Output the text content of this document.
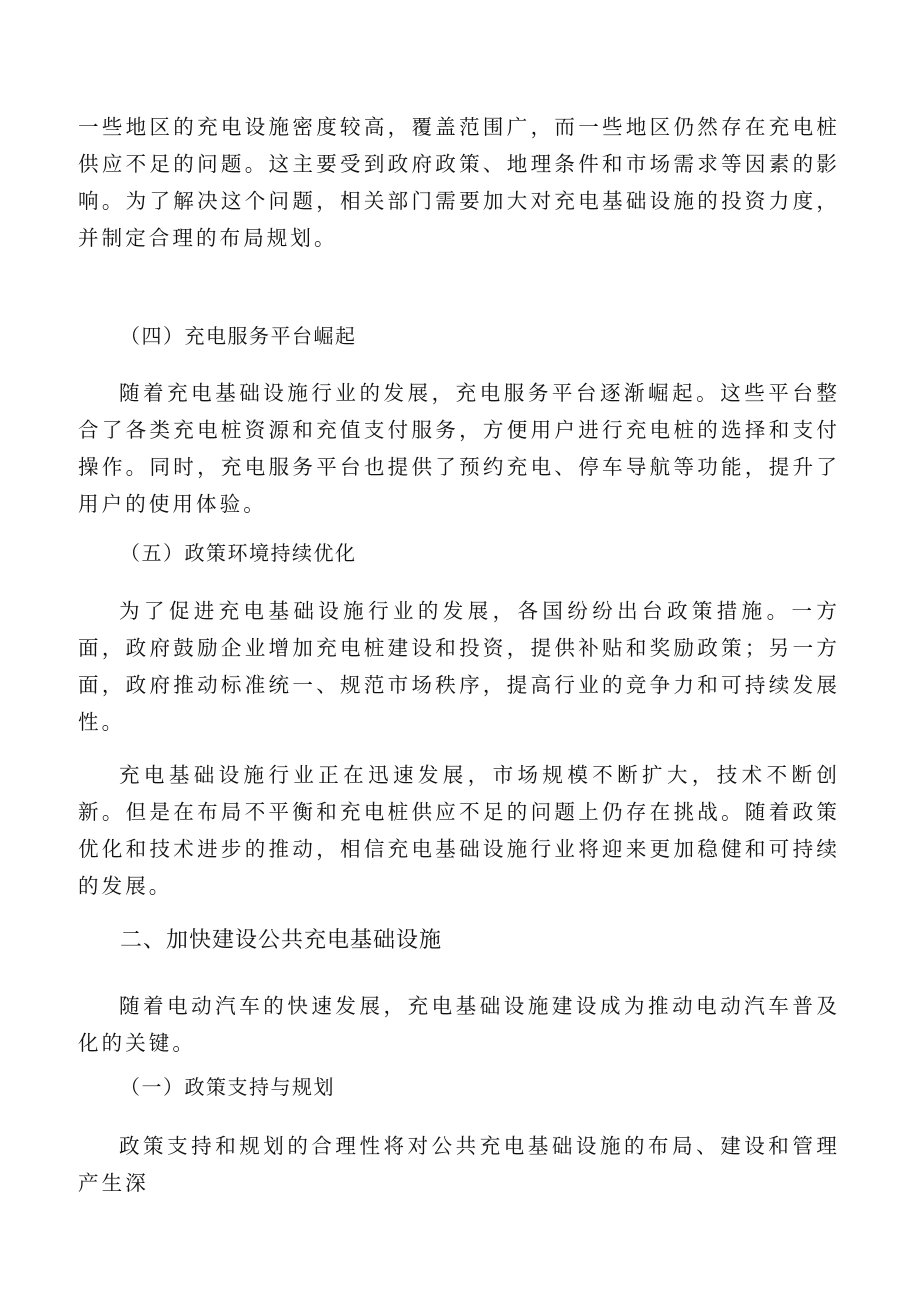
一些地区的充电设施密度较高，覆盖范围广，而一些地区仍然存在充电桩供应不足的问题。这主要受到政府政策、地理条件和市场需求等因素的影响。为了解决这个问题，相关部门需要加大对充电基础设施的投资力度，并制定合理的布局规划。

（四）充电服务平台崛起

随着充电基础设施行业的发展，充电服务平台逐渐崛起。这些平台整合了各类充电桩资源和充值支付服务，方便用户进行充电桩的选择和支付操作。同时，充电服务平台也提供了预约充电、停车导航等功能，提升了用户的使用体验。

（五）政策环境持续优化

为了促进充电基础设施行业的发展，各国纷纷出台政策措施。一方面，政府鼓励企业增加充电桩建设和投资，提供补贴和奖励政策；另一方面，政府推动标准统一、规范市场秩序，提高行业的竞争力和可持续发展性。

充电基础设施行业正在迅速发展，市场规模不断扩大，技术不断创新。但是在布局不平衡和充电桩供应不足的问题上仍存在挑战。随着政策优化和技术进步的推动，相信充电基础设施行业将迎来更加稳健和可持续的发展。

二、加快建设公共充电基础设施

随着电动汽车的快速发展，充电基础设施建设成为推动电动汽车普及化的关键。

（一）政策支持与规划

政策支持和规划的合理性将对公共充电基础设施的布局、建设和管理产生深
